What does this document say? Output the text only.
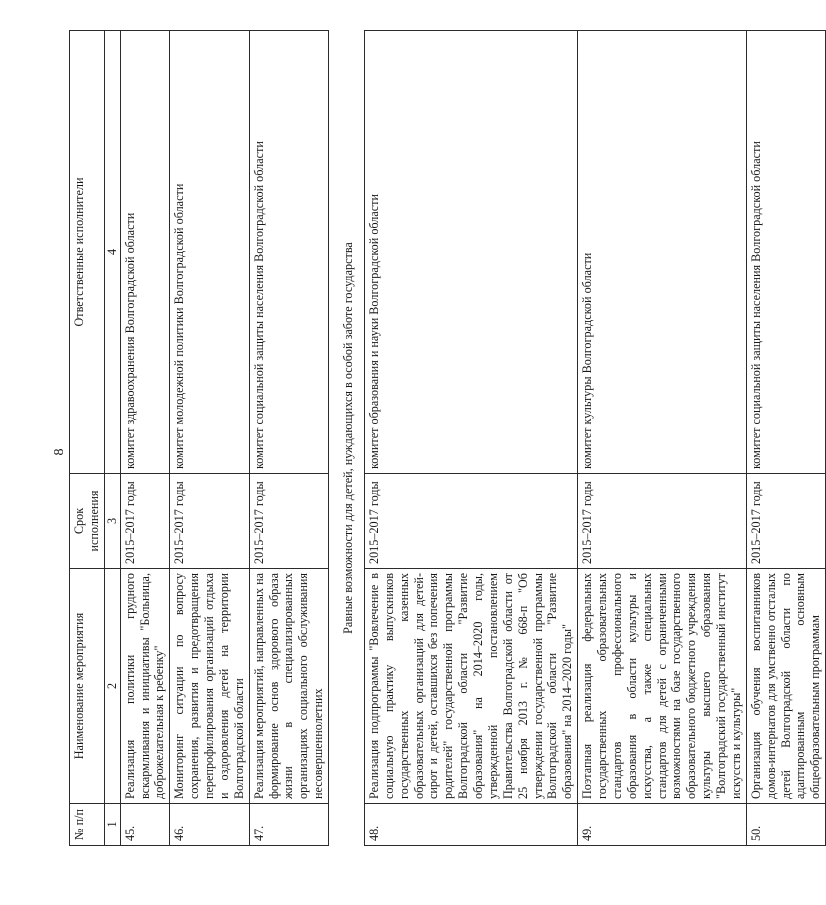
8
№ п/п	Наименование мероприятия	Срок исполнения	Ответственные исполнители
1	2	3	4
45.	Реализация политики грудного вскармливания и инициативы "Больница, доброжелательная к ребенку"	2015–2017 годы	комитет здравоохранения Волгоградской области
46.	Мониторинг ситуации по вопросу сохранения, развития и предотвращения перепрофилирования организаций отдыха и оздоровления детей на территории Волгоградской области	2015–2017 годы	комитет молодежной политики Волгоградской области
47.	Реализация мероприятий, направленных на формирование основ здорового образа жизни в специализированных организациях социального обслуживания несовершеннолетних	2015–2017 годы	комитет социальной защиты населения Волгоградской области
Равные возможности для детей, нуждающихся в особой заботе государства			
48.	Реализация подпрограммы "Вовлечение в социальную практику выпускников государственных казенных образовательных организаций для детей-сирот и детей, оставшихся без попечения родителей" государственной программы Волгоградской области "Развитие образования" на 2014–2020 годы, утвержденной постановлением Правительства Волгоградской области от 25 ноября 2013 г. № 668-п "Об утверждении государственной программы Волгоградской области "Развитие образования" на 2014–2020 годы"	2015–2017 годы	комитет образования и науки Волгоградской области
49.	Поэтапная реализация федеральных государственных образовательных стандартов профессионального образования в области культуры и искусства, а также специальных стандартов для детей с ограниченными возможностями на базе государственного образовательного бюджетного учреждения культуры высшего образования "Волгоградский государственный институт искусств и культуры"	2015–2017 годы	комитет культуры Волгоградской области
50.	Организация обучения воспитанников домов-интернатов для умственно отсталых детей Волгоградской области по адаптированным основным общеобразовательным программам	2015–2017 годы	комитет социальной защиты населения Волгоградской области
